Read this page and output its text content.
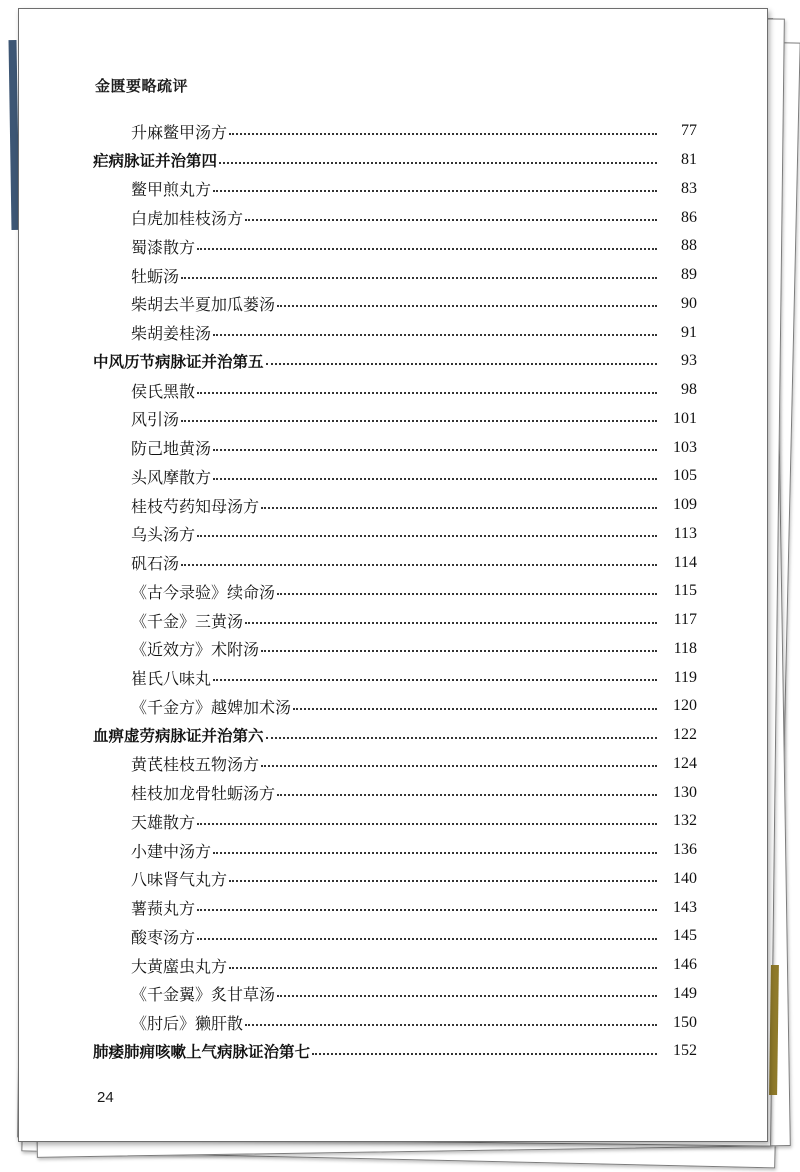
金匮要略疏评
升麻鳖甲汤方	77
疟病脉证并治第四	81
鳖甲煎丸方	83
白虎加桂枝汤方	86
蜀漆散方	88
牡蛎汤	89
柴胡去半夏加瓜蒌汤	90
柴胡姜桂汤	91
中风历节病脉证并治第五	93
侯氏黑散	98
风引汤	101
防己地黄汤	103
头风摩散方	105
桂枝芍药知母汤方	109
乌头汤方	113
矾石汤	114
《古今录验》续命汤	115
《千金》三黄汤	117
《近效方》术附汤	118
崔氏八味丸	119
《千金方》越婢加术汤	120
血痹虚劳病脉证并治第六	122
黄芪桂枝五物汤方	124
桂枝加龙骨牡蛎汤方	130
天雄散方	132
小建中汤方	136
八味肾气丸方	140
薯蓣丸方	143
酸枣汤方	145
大黄䗪虫丸方	146
《千金翼》炙甘草汤	149
《肘后》獭肝散	150
肺痿肺痈咳嗽上气病脉证治第七	152
24
